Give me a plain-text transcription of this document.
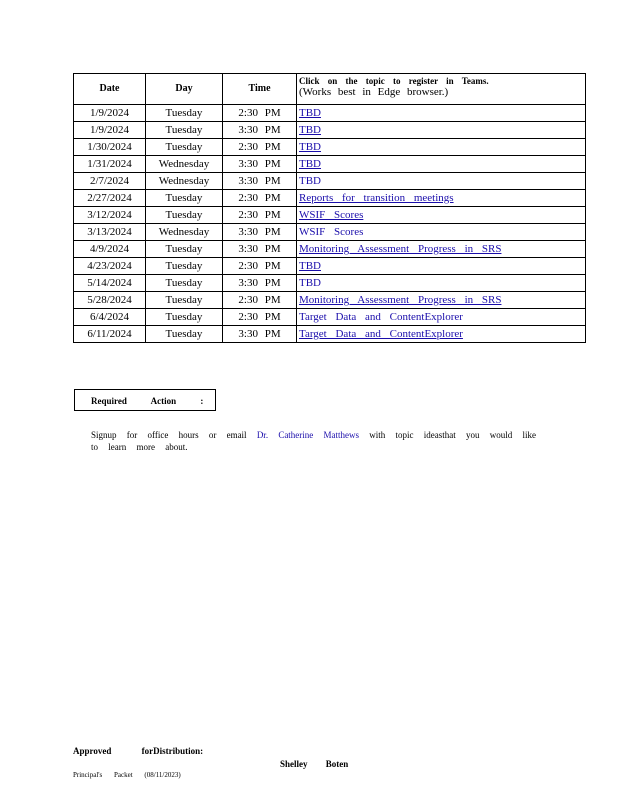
Date	Day	Time	Click on the topic to register in Teams.
(Works best in Edge browser.)

1/9/2024	Tuesday	2:30 PM	TBD
1/9/2024	Tuesday	3:30 PM	TBD
1/30/2024	Tuesday	2:30 PM	TBD
1/31/2024	Wednesday	3:30 PM	TBD
2/7/2024	Wednesday	3:30 PM	TBD
2/27/2024	Tuesday	2:30 PM	Reports for transition meetings
3/12/2024	Tuesday	2:30 PM	WSIF Scores
3/13/2024	Wednesday	3:30 PM	WSIF Scores
4/9/2024	Tuesday	3:30 PM	Monitoring Assessment Progress in SRS
4/23/2024	Tuesday	2:30 PM	TBD
5/14/2024	Tuesday	3:30 PM	TBD
5/28/2024	Tuesday	2:30 PM	Monitoring Assessment Progress in SRS
6/4/2024	Tuesday	2:30 PM	Target Data and ContentExplorer
6/11/2024	Tuesday	3:30 PM	Target Data and ContentExplorer
Required Action :
Signup for office hours or email Dr. Catherine Matthews with topic ideasthat you would like to learn more about.
Approved forDistribution:
Shelley Boten
Principal's Packet (08/11/2023)
